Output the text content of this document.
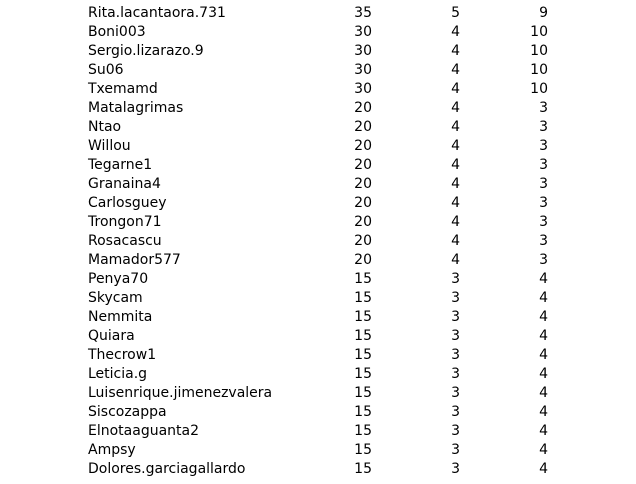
Rita.lacantaora.731	35	5	9
Boni003	30	4	10
Sergio.lizarazo.9	30	4	10
Su06	30	4	10
Txemamd	30	4	10
Matalagrimas	20	4	3
Ntao	20	4	3
Willou	20	4	3
Tegarne1	20	4	3
Granaina4	20	4	3
Carlosguey	20	4	3
Trongon71	20	4	3
Rosacascu	20	4	3
Mamador577	20	4	3
Penya70	15	3	4
Skycam	15	3	4
Nemmita	15	3	4
Quiara	15	3	4
Thecrow1	15	3	4
Leticia.g	15	3	4
Luisenrique.jimenezvalera	15	3	4
Siscozappa	15	3	4
Elnotaaguanta2	15	3	4
Ampsy	15	3	4
Dolores.garciagallardo	15	3	4
